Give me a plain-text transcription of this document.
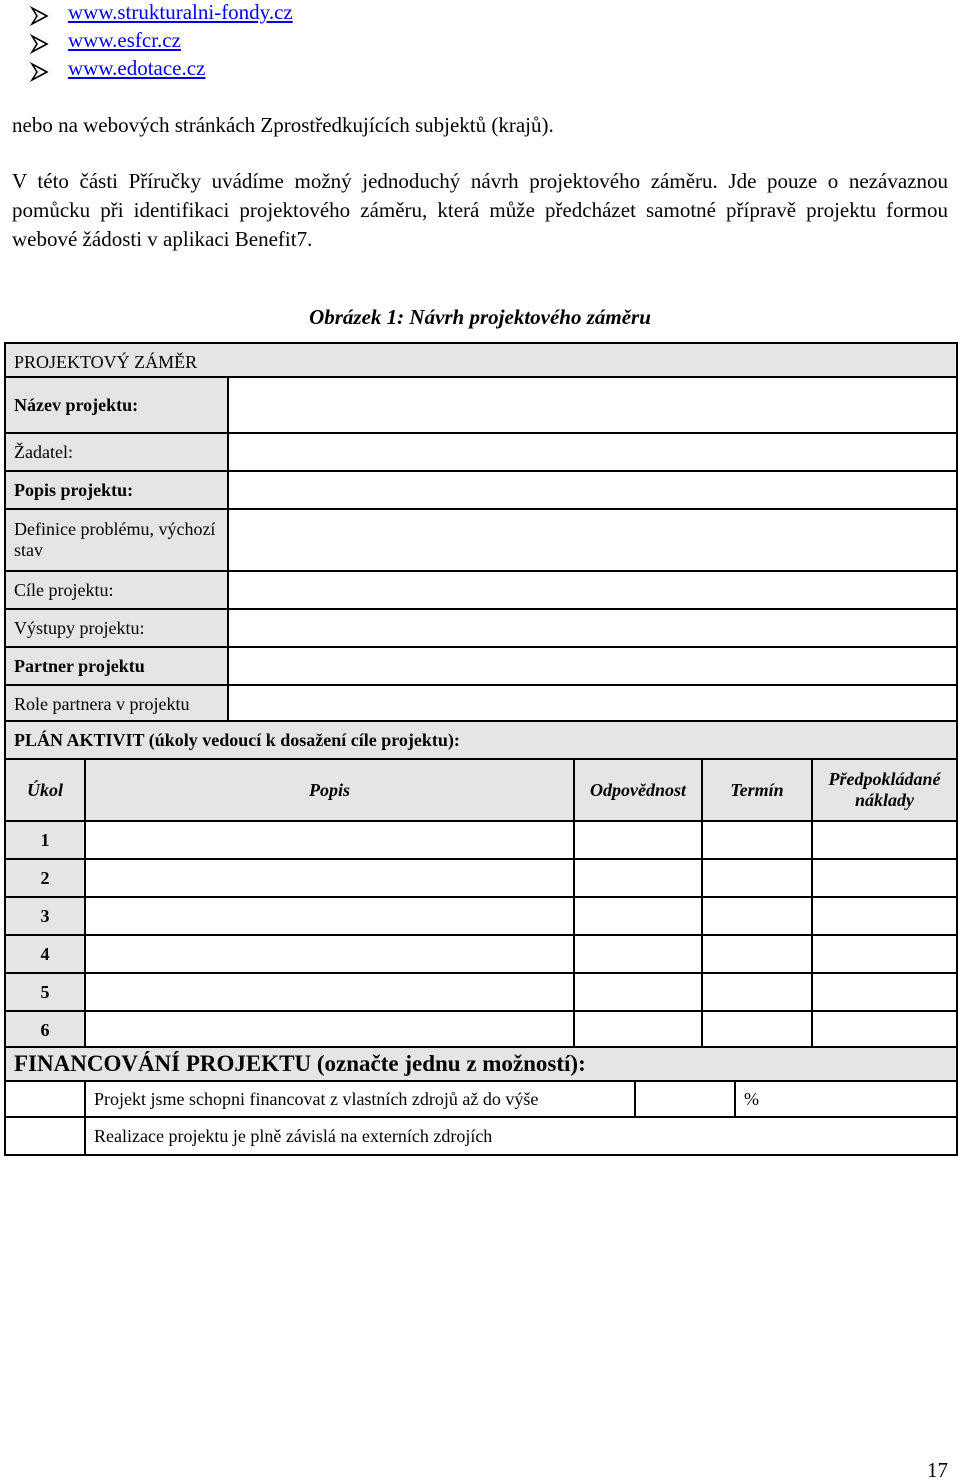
www.strukturalni-fondy.cz
www.esfcr.cz
www.edotace.cz
nebo na webových stránkách Zprostředkujících subjektů (krajů).
V této části Příručky uvádíme možný jednoduchý návrh projektového záměru. Jde pouze o nezávaznou pomůcku při identifikaci projektového záměru, která může předcházet samotné přípravě projektu formou webové žádosti v aplikaci Benefit7.
Obrázek 1: Návrh projektového záměru
PROJEKTOVÝ ZÁMĚR	
Název projektu:	
Žadatel:	
Popis projektu:	
Definice problému, výchozí stav	
Cíle projektu:	
Výstupy projektu:	
Partner projektu	
Role partnera v projektu	
PLÁN AKTIVIT (úkoly vedoucí k dosažení cíle projektu):				
Úkol	Popis	Odpovědnost	Termín	Předpokládané náklady
1				
2				
3				
4				
5				
6				
FINANCOVÁNÍ PROJEKTU (označte jednu z možností):			
	Projekt jsme schopni financovat z vlastních zdrojů až do výše		%
	Realizace projektu je plně závislá na externích zdrojích		
17
